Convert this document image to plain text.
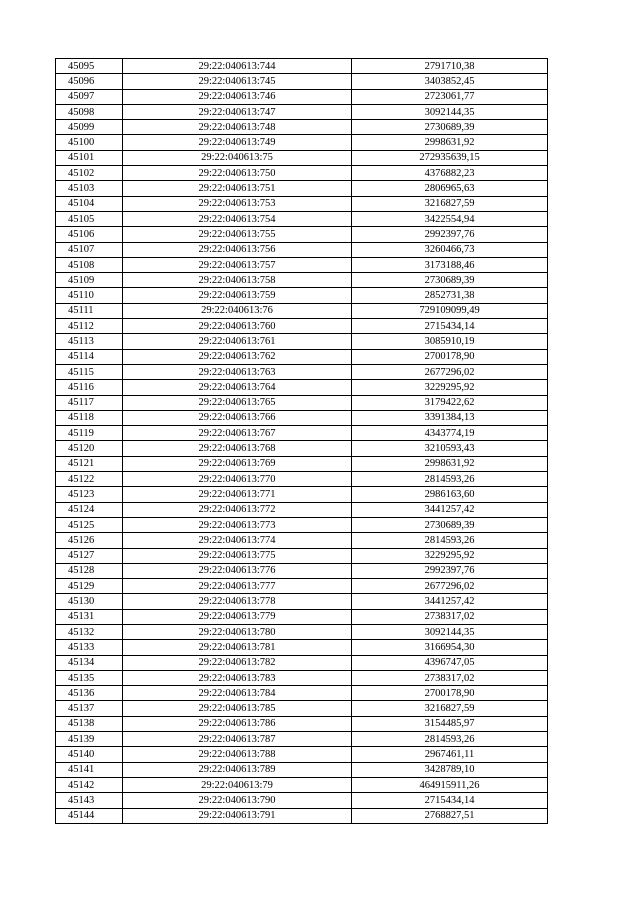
45095	29:22:040613:744	2791710,38
45096	29:22:040613:745	3403852,45
45097	29:22:040613:746	2723061,77
45098	29:22:040613:747	3092144,35
45099	29:22:040613:748	2730689,39
45100	29:22:040613:749	2998631,92
45101	29:22:040613:75	272935639,15
45102	29:22:040613:750	4376882,23
45103	29:22:040613:751	2806965,63
45104	29:22:040613:753	3216827,59
45105	29:22:040613:754	3422554,94
45106	29:22:040613:755	2992397,76
45107	29:22:040613:756	3260466,73
45108	29:22:040613:757	3173188,46
45109	29:22:040613:758	2730689,39
45110	29:22:040613:759	2852731,38
45111	29:22:040613:76	729109099,49
45112	29:22:040613:760	2715434,14
45113	29:22:040613:761	3085910,19
45114	29:22:040613:762	2700178,90
45115	29:22:040613:763	2677296,02
45116	29:22:040613:764	3229295,92
45117	29:22:040613:765	3179422,62
45118	29:22:040613:766	3391384,13
45119	29:22:040613:767	4343774,19
45120	29:22:040613:768	3210593,43
45121	29:22:040613:769	2998631,92
45122	29:22:040613:770	2814593,26
45123	29:22:040613:771	2986163,60
45124	29:22:040613:772	3441257,42
45125	29:22:040613:773	2730689,39
45126	29:22:040613:774	2814593,26
45127	29:22:040613:775	3229295,92
45128	29:22:040613:776	2992397,76
45129	29:22:040613:777	2677296,02
45130	29:22:040613:778	3441257,42
45131	29:22:040613:779	2738317,02
45132	29:22:040613:780	3092144,35
45133	29:22:040613:781	3166954,30
45134	29:22:040613:782	4396747,05
45135	29:22:040613:783	2738317,02
45136	29:22:040613:784	2700178,90
45137	29:22:040613:785	3216827,59
45138	29:22:040613:786	3154485,97
45139	29:22:040613:787	2814593,26
45140	29:22:040613:788	2967461,11
45141	29:22:040613:789	3428789,10
45142	29:22:040613:79	464915911,26
45143	29:22:040613:790	2715434,14
45144	29:22:040613:791	2768827,51
